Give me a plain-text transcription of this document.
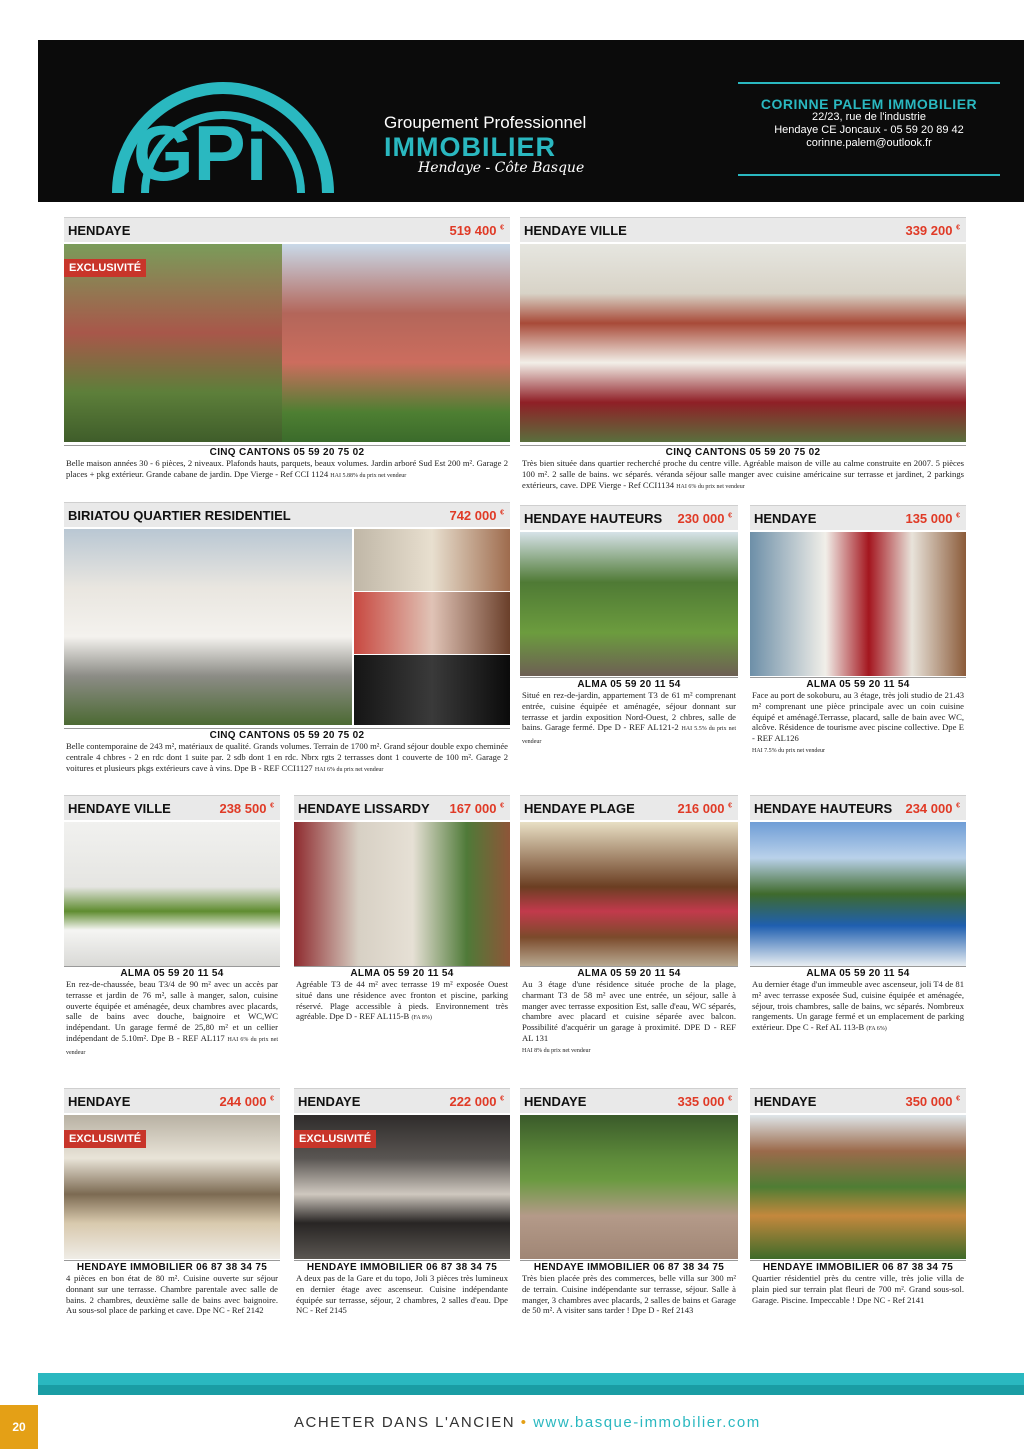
GPi	Groupement Professionnel
IMMOBILIER
Hendaye - Côte Basque
CORINNE PALEM IMMOBILIER
22/23, rue de l'industrie
Hendaye CE Joncaux - 05 59 20 89 42
corinne.palem@outlook.fr
HENDAYE	519 400 €
EXCLUSIVITÉ
CINQ CANTONS 05 59 20 75 02
Belle maison années 30 - 6 pièces, 2 niveaux. Plafonds hauts, parquets, beaux volumes. Jardin arboré Sud Est 200 m². Garage 2 places + pkg extérieur. Grande cabane de jardin. Dpe Vierge - Ref CCI 1124 HAI 5.88% du prix net vendeur
HENDAYE VILLE	339 200 €
CINQ CANTONS 05 59 20 75 02
Très bien située dans quartier recherché proche du centre ville. Agréable maison de ville au calme construite en 2007. 5 pièces 100 m². 2 salle de bains. wc séparés. véranda séjour salle manger avec cuisine américaine sur terrasse et jardinet, 2 parkings extérieurs, cave. DPE Vierge - Ref CCI1134 HAI 6% du prix net vendeur
BIRIATOU QUARTIER RESIDENTIEL	742 000 €
CINQ CANTONS 05 59 20 75 02
Belle contemporaine de 243 m², matériaux de qualité. Grands volumes. Terrain de 1700 m². Grand séjour double expo cheminée centrale 4 chbres - 2 en rdc dont 1 suite par. 2 sdb dont 1 en rdc. Nbrx rgts 2 terrasses dont 1 couverte de 100 m². Garage 2 voitures et plusieurs pkgs extérieurs cave à vins. Dpe B - REF CCI1127 HAI 6% du prix net vendeur
HENDAYE HAUTEURS 230 000 €
ALMA 05 59 20 11 54
Situé en rez-de-jardin, appartement T3 de 61 m² comprenant entrée, cuisine équipée et aménagée, séjour donnant sur terrasse et jardin exposition Nord-Ouest, 2 chbres, salle de bains. Garage fermé. Dpe D - REF AL121-2 HAI 5.5% du prix net vendeur
HENDAYE	135 000 €
ALMA 05 59 20 11 54
Face au port de sokoburu, au 3 étage, très joli studio de 21.43 m² comprenant une pièce principale avec un coin cuisine équipé et aménagé.Terrasse, placard, salle de bain avec WC, alcôve. Résidence de tourisme avec piscine collective. Dpe E - REF AL126
HAI 7.5% du prix net vendeur
HENDAYE VILLE	238 500 €
ALMA 05 59 20 11 54
En rez-de-chaussée, beau T3/4 de 90 m² avec un accès par terrasse et jardin de 76 m², salle à manger, salon, cuisine ouverte équipée et aménagée, deux chambres avec placards, salle de bains avec douche, baignoire et WC,WC indépendant. Un garage fermé de 25,80 m² et un cellier indépendant de 5.10m². Dpe B - REF AL117 HAI 6% du prix net vendeur
HENDAYE LISSARDY 167 000 €
ALMA 05 59 20 11 54
Agréable T3 de 44 m² avec terrasse 19 m² exposée Ouest situé dans une résidence avec fronton et piscine, parking réservé. Plage accessible à pieds. Environnement très agréable. Dpe D - REF AL115-B (FA 8%)
HENDAYE PLAGE	216 000 €
ALMA 05 59 20 11 54
Au 3 étage d'une résidence située proche de la plage, charmant T3 de 58 m² avec une entrée, un séjour, salle à manger avec terrasse exposition Est, salle d'eau, WC séparés, chambre avec placard et cuisine séparée avec balcon. Possibilité d'acquérir un garage à proximité. DPE D - REF AL 131
HAI 8% du prix net vendeur
HENDAYE HAUTEURS 234 000 €
ALMA 05 59 20 11 54
Au dernier étage d'un immeuble avec ascenseur, joli T4 de 81 m² avec terrasse exposée Sud, cuisine équipée et aménagée, séjour, trois chambres, salle de bains, wc séparés. Nombreux rangements. Un garage fermé et un emplacement de parking extérieur. Dpe C - Ref AL 113-B (FA 6%)
HENDAYE	244 000 €
EXCLUSIVITÉ
HENDAYE IMMOBILIER 06 87 38 34 75
4 pièces en bon état de 80 m². Cuisine ouverte sur séjour donnant sur une terrasse. Chambre parentale avec salle de bains. 2 chambres, deuxième salle de bains avec baignoire. Au sous-sol place de parking et cave. Dpe NC - Ref 2142
HENDAYE	222 000 €
EXCLUSIVITÉ
HENDAYE IMMOBILIER 06 87 38 34 75
A deux pas de la Gare et du topo, Joli 3 pièces très lumineux en dernier étage avec ascenseur. Cuisine indépendante équipée sur terrasse, séjour, 2 chambres, 2 salles d'eau. Dpe NC - Ref 2145
HENDAYE	335 000 €
HENDAYE IMMOBILIER 06 87 38 34 75
Très bien placée près des commerces, belle villa sur 300 m² de terrain. Cuisine indépendante sur terrasse, séjour. Salle à manger, 3 chambres avec placards, 2 salles de bains et Garage de 50 m². A visiter sans tarder ! Dpe D - Ref 2143
HENDAYE	350 000 €
HENDAYE IMMOBILIER 06 87 38 34 75
Quartier résidentiel près du centre ville, très jolie villa de plain pied sur terrain plat fleuri de 700 m². Grand sous-sol. Garage. Piscine. Impeccable ! Dpe NC - Ref 2141
20	ACHETER DANS L'ANCIEN • www.basque-immobilier.com
